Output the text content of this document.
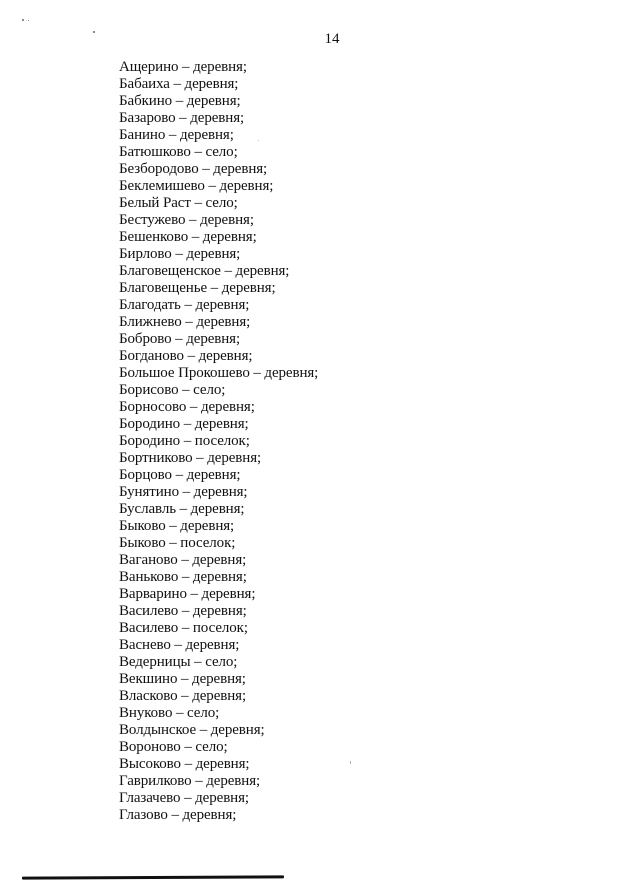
14
Ащерино – деревня;
Бабаиха – деревня;
Бабкино – деревня;
Базарово – деревня;
Банино – деревня;
Батюшково – село;
Безбородово – деревня;
Беклемишево – деревня;
Белый Раст – село;
Бестужево – деревня;
Бешенково – деревня;
Бирлово – деревня;
Благовещенское – деревня;
Благовещенье – деревня;
Благодать – деревня;
Ближнево – деревня;
Боброво – деревня;
Богданово – деревня;
Большое Прокошево – деревня;
Борисово – село;
Борносово – деревня;
Бородино – деревня;
Бородино – поселок;
Бортниково – деревня;
Борцово – деревня;
Бунятино – деревня;
Буславль – деревня;
Быково – деревня;
Быково – поселок;
Ваганово – деревня;
Ваньково – деревня;
Варварино – деревня;
Василево – деревня;
Василево – поселок;
Васнево – деревня;
Ведерницы – село;
Векшино – деревня;
Власково – деревня;
Внуково – село;
Волдынское – деревня;
Вороново – село;
Высоково – деревня;
Гаврилково – деревня;
Глазачево – деревня;
Глазово – деревня;
